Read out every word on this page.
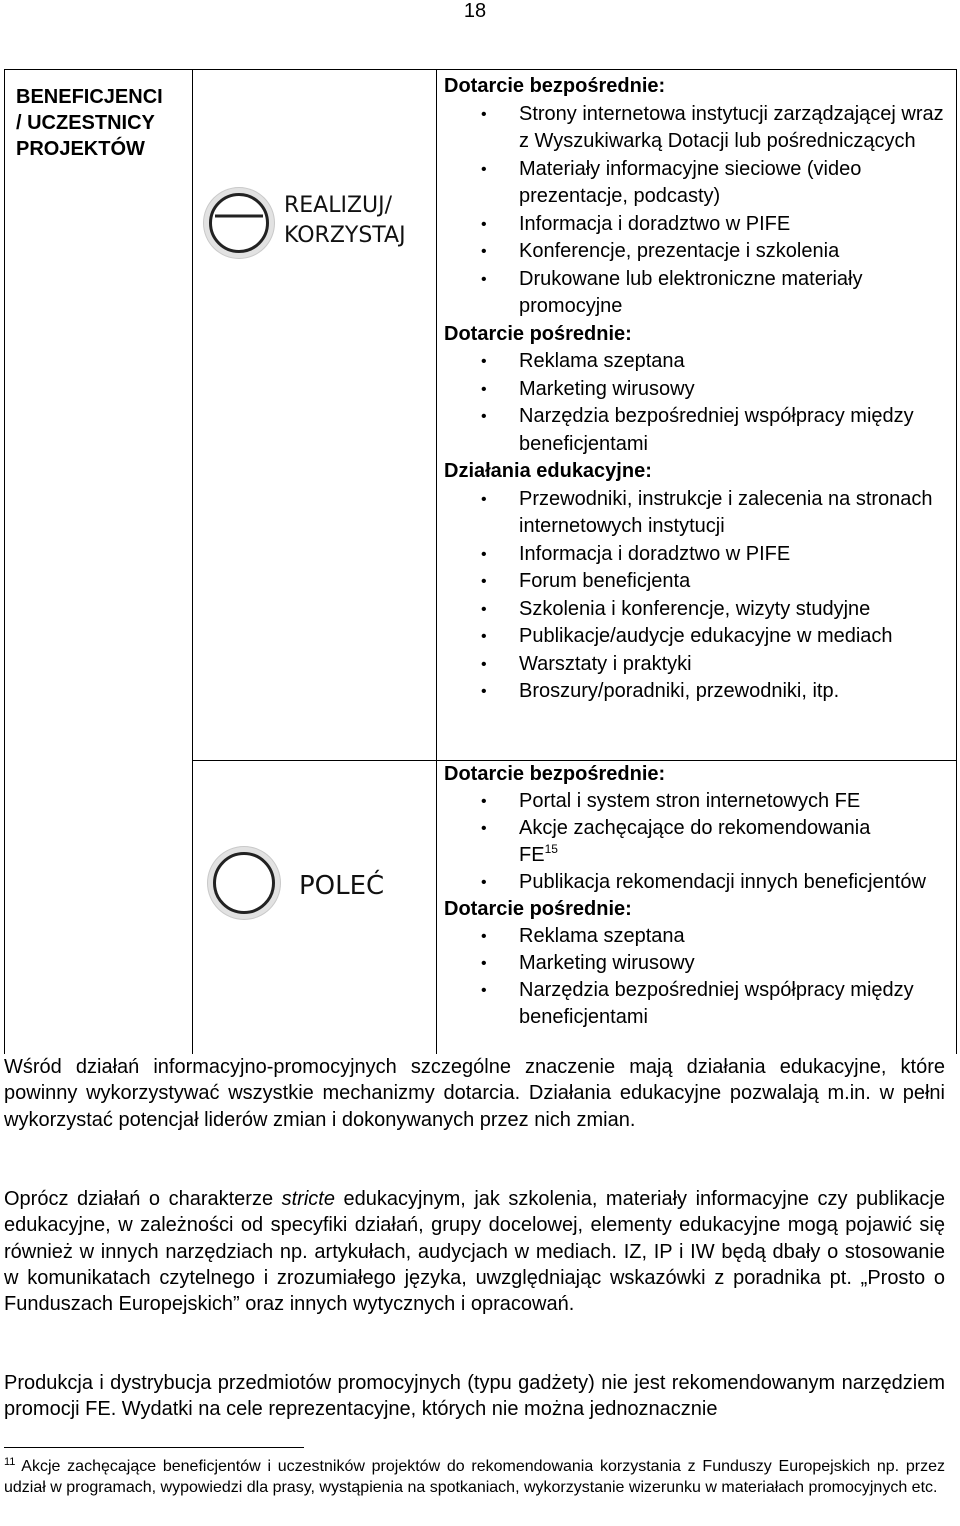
18
BENEFICJENCI
/ UCZESTNICY
PROJEKTÓW
REALIZUJ/
KORZYSTAJ
Dotarcie bezpośrednie:
• Strony internetowa instytucji zarządzającej wraz z Wyszukiwarką Dotacji lub pośredniczących
• Materiały informacyjne sieciowe (video prezentacje, podcasty)
• Informacja i doradztwo w PIFE
• Konferencje, prezentacje i szkolenia
• Drukowane lub elektroniczne materiały promocyjne
Dotarcie pośrednie:
• Reklama szeptana
• Marketing wirusowy
• Narzędzia bezpośredniej współpracy między beneficjentami
Działania edukacyjne:
• Przewodniki, instrukcje i zalecenia na stronach internetowych instytucji
• Informacja i doradztwo w PIFE
• Forum beneficjenta
• Szkolenia i konferencje, wizyty studyjne
• Publikacje/audycje edukacyjne w mediach
• Warsztaty i praktyki
• Broszury/poradniki, przewodniki, itp.
POLEĆ
Dotarcie bezpośrednie:
• Portal i system stron internetowych FE
• Akcje zachęcające do rekomendowania
FE$^{15}$
• Publikacja rekomendacji innych beneficjentów
Dotarcie pośrednie:
• Reklama szeptana
• Marketing wirusowy
• Narzędzia bezpośredniej współpracy między beneficjentami

Wśród działań informacyjno-promocyjnych szczególne znaczenie mają działania edukacyjne, które powinny wykorzystywać wszystkie mechanizmy dotarcia. Działania edukacyjne pozwalają m.in. w pełni wykorzystać potencjał liderów zmian i dokonywanych przez nich zmian.

Oprócz działań o charakterze stricte edukacyjnym, jak szkolenia, materiały informacyjne czy publikacje edukacyjne, w zależności od specyfiki działań, grupy docelowej, elementy edukacyjne mogą pojawić się również w innych narzędziach np. artykułach, audycjach w mediach. IZ, IP i IW będą dbały o stosowanie w komunikatach czytelnego i zrozumiałego języka, uwzględniając wskazówki z poradnika pt. „Prosto o Funduszach Europejskich” oraz innych wytycznych i opracowań.

Produkcja i dystrybucja przedmiotów promocyjnych (typu gadżety) nie jest rekomendowanym narzędziem promocji FE. Wydatki na cele reprezentacyjne, których nie można jednoznacznie

$^{11}$ Akcje zachęcające beneficjentów i uczestników projektów do rekomendowania korzystania z Funduszy Europejskich np. przez udział w programach, wypowiedzi dla prasy, wystąpienia na spotkaniach, wykorzystanie wizerunku w materiałach promocyjnych etc.
